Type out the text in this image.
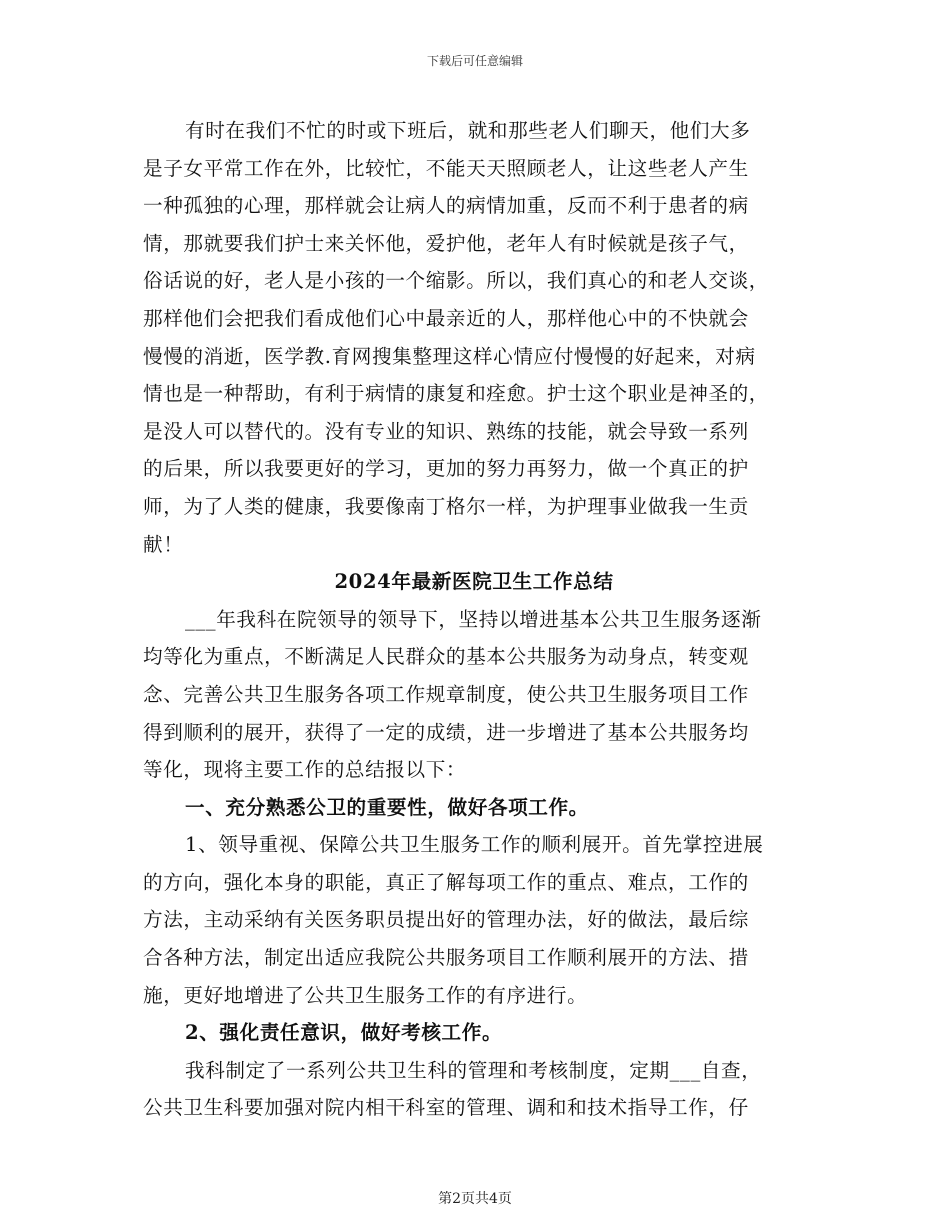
下载后可任意编辑
有时在我们不忙的时或下班后，就和那些老人们聊天，他们大多
是子女平常工作在外，比较忙，不能天天照顾老人，让这些老人产生
一种孤独的心理，那样就会让病人的病情加重，反而不利于患者的病
情，那就要我们护士来关怀他，爱护他，老年人有时候就是孩子气，
俗话说的好，老人是小孩的一个缩影。所以，我们真心的和老人交谈，
那样他们会把我们看成他们心中最亲近的人，那样他心中的不快就会
慢慢的消逝，医学教.育网搜集整理这样心情应付慢慢的好起来，对病
情也是一种帮助，有利于病情的康复和痊愈。护士这个职业是神圣的，
是没人可以替代的。没有专业的知识、熟练的技能，就会导致一系列
的后果，所以我要更好的学习，更加的努力再努力，做一个真正的护
师，为了人类的健康，我要像南丁格尔一样，为护理事业做我一生贡
献！
2024年最新医院卫生工作总结
___年我科在院领导的领导下，坚持以增进基本公共卫生服务逐渐
均等化为重点，不断满足人民群众的基本公共服务为动身点，转变观
念、完善公共卫生服务各项工作规章制度，使公共卫生服务项目工作
得到顺利的展开，获得了一定的成绩，进一步增进了基本公共服务均
等化，现将主要工作的总结报以下：
一、充分熟悉公卫的重要性，做好各项工作。
1、领导重视、保障公共卫生服务工作的顺利展开。首先掌控进展
的方向，强化本身的职能，真正了解每项工作的重点、难点，工作的
方法，主动采纳有关医务职员提出好的管理办法，好的做法，最后综
合各种方法，制定出适应我院公共服务项目工作顺利展开的方法、措
施，更好地增进了公共卫生服务工作的有序进行。
2、强化责任意识，做好考核工作。
我科制定了一系列公共卫生科的管理和考核制度，定期___自查，
公共卫生科要加强对院内相干科室的管理、调和和技术指导工作，仔
第2页共4页
